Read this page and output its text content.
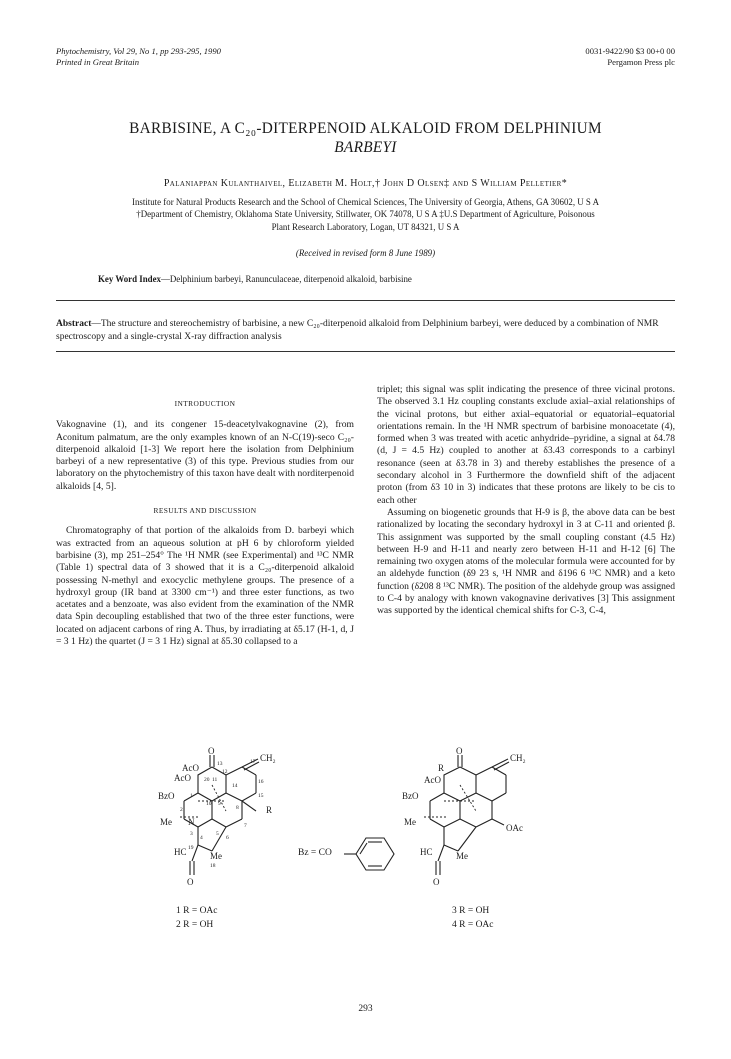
Phytochemistry, Vol 29, No 1, pp 293-295, 1990
Printed in Great Britain
0031-9422/90 $3 00+0 00
Pergamon Press plc
BARBISINE, A C₂₀-DITERPENOID ALKALOID FROM DELPHINIUM
BARBEYI
Palaniappan Kulanthaivel, Elizabeth M. Holt,† John D Olsen‡ and S William Pelletier*
Institute for Natural Products Research and the School of Chemical Sciences, The University of Georgia, Athens, GA 30602, U S A
†Department of Chemistry, Oklahoma State University, Stillwater, OK 74078, U S A ‡U.S Department of Agriculture, Poisonous
Plant Research Laboratory, Logan, UT 84321, U S A
(Received in revised form 8 June 1989)
Key Word Index—Delphinium barbeyi, Ranunculaceae, diterpenoid alkaloid, barbisine
Abstract—The structure and stereochemistry of barbisine, a new C₂₀-diterpenoid alkaloid from Delphinium barbeyi, were deduced by a combination of NMR spectroscopy and a single-crystal X-ray diffraction analysis

INTRODUCTION

Vakognavine (1), and its congener 15-deacetylvakognavine (2), from Aconitum palmatum, are the only examples known of an N-C(19)-seco C₂₀-diterpenoid alkaloid [1-3] We report here the isolation from Delphinium barbeyi of a new representative (3) of this type. Previous studies from our laboratory on the phytochemistry of this taxon have dealt with norditerpenoid alkaloids [4, 5].

RESULTS AND DISCUSSION

Chromatography of that portion of the alkaloids from D. barbeyi which was extracted from an aqueous solution at pH 6 by chloroform yielded barbisine (3), mp 251–254° The ¹H NMR (see Experimental) and ¹³C NMR (Table 1) spectral data of 3 showed that it is a C₂₀-diterpenoid alkaloid possessing N-methyl and exocyclic methylene groups. The presence of a hydroxyl group (IR band at 3300 cm⁻¹) and three ester functions, as two acetates and a benzoate, was also evident from the examination of the NMR data Spin decoupling established that two of the three ester functions, were located on adjacent carbons of ring A. Thus, by irradiating at δ5.17 (H-1, d, J = 3 1 Hz) the quartet (J = 3 1 Hz) signal at δ5.30 collapsed to a

triplet; this signal was split indicating the presence of three vicinal protons. The observed 3.1 Hz coupling constants exclude axial–axial relationships of the vicinal protons, but either axial–equatorial or equatorial–equatorial orientations remain. In the ¹H NMR spectrum of barbisine monoacetate (4), formed when 3 was treated with acetic anhydride–pyridine, a signal at δ4.78 (d, J = 4.5 Hz) coupled to another at δ3.43 corresponds to a carbinyl resonance (seen at δ3.78 in 3) and thereby establishes the presence of a secondary alcohol in 3 Furthermore the downfield shift of the adjacent proton (from δ3 10 in 3) indicates that these protons are likely to be cis to each other

Assuming on biogenetic grounds that H-9 is β, the above data can be best rationalized by locating the secondary hydroxyl in 3 at C-11 and oriented β. This assignment was supported by the small coupling constant (4.5 Hz) between H-9 and H-11 and nearly zero between H-11 and H-12 [6] The remaining two oxygen atoms of the molecular formula were accounted for by an aldehyde function (δ9 23 s, ¹H NMR and δ196 6 ¹³C NMR) and a keto function (δ208 8 ¹³C NMR). The position of the aldehyde group was assigned to C-4 by analogy with known vakognavine derivatives [3] This assignment was supported by the identical chemical shifts for C-3, C-4,

O
CH₂
AcO
AcO
BzO
Me N
HC	Me
R
O
13	17
12
20 11
14
16
15
1
2
10 9
8
3
4
5
6
7
19
18
Bz = CO
O
CH₂
R
AcO
BzO
Me
HC	Me
OAc
O
1 R = OAc
2 R = OH
3 R = OH
4 R = OAc
293
